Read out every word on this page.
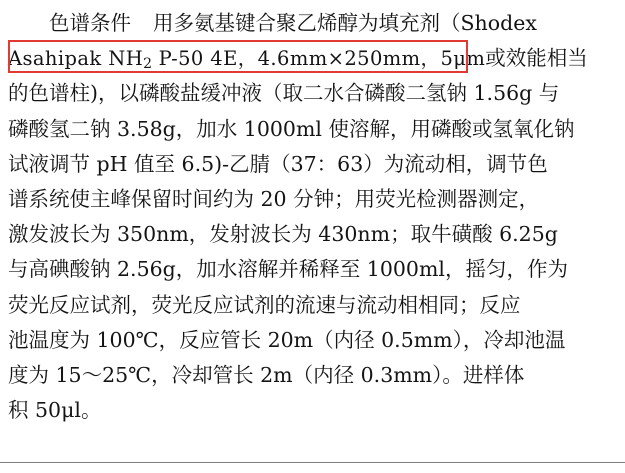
色谱条件 用多氨基键合聚乙烯醇为填充剂（Shodex
Asahipak $NH_2$ P-50 4E，4.6mm×250mm，5μm或效能相当
的色谱柱)，以磷酸盐缓冲液（取二水合磷酸二氢钠 1.56g 与
磷酸氢二钠 3.58g，加水 1000ml 使溶解，用磷酸或氢氧化钠
试液调节 pH 值至 6.5)-乙腈（37：63）为流动相，调节色
谱系统使主峰保留时间约为 20 分钟；用荧光检测器测定，
激发波长为 350nm，发射波长为 430nm；取牛磺酸 6.25g
与高碘酸钠 2.56g，加水溶解并稀释至 1000ml，摇匀，作为
荧光反应试剂，荧光反应试剂的流速与流动相相同；反应
池温度为 100℃，反应管长 20m（内径 0.5mm），冷却池温
度为 15～25℃，冷却管长 2m（内径 0.3mm）。进样体
积 50μl。
